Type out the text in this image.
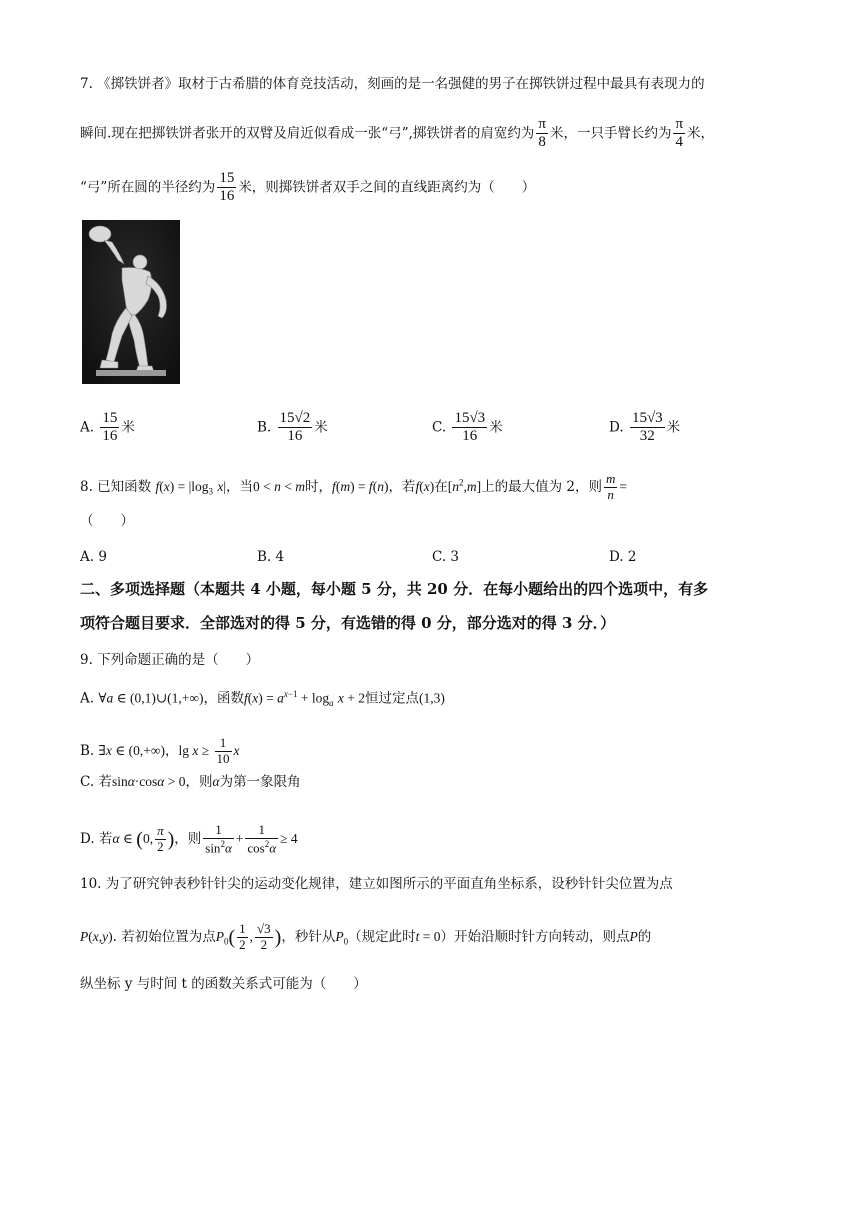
7. 《掷铁饼者》取材于古希腊的体育竞技活动，刻画的是一名强健的男子在掷铁饼过程中最具有表现力的
瞬间.现在把掷铁饼者张开的双臂及肩近似看成一张“弓”,掷铁饼者的肩宽约为 $\frac{\pi}{8}$ 米，一只手臂长约为 $\frac{\pi}{4}$ 米，
“弓”所在圆的半径约为 $\frac{15}{16}$ 米，则掷铁饼者双手之间的直线距离约为（　　）
A. $\frac{15}{16}$ 米	B. $\frac{15√2}{16}$ 米	C. $\frac{15√3}{16}$ 米	D. $\frac{15√3}{32}$ 米
8. 已知函数 $f(x) = |\log_3$ x|，当0 < n < m时，f(m) = f(n)，若f(x)在$[n^2,m]$上的最大值为 2，则 $\frac{m}{n}$ =
（　　）
A. 9	B. 4	C. 3	D. 2
二、多项选择题（本题共 4 小题，每小题 5 分，共 20 分．在每小题给出的四个选项中，有多
项符合题目要求．全部选对的得 5 分，有选错的得 0 分，部分选对的得 3 分．）
9. 下列命题正确的是（　　）
A. ∀a ∈ (0,1)∪(1,+∞)，函数$f(x) = a^{x-1} + \log_a x + 2$恒过定点(1,3)
B. ∃x ∈ (0,+∞)，$\lg x \ge \frac{1}{10}$ x
C. 若sinα·cosα > 0，则α为第一象限角
D. 若α ∈ (0, $\frac{\pi}{2}$ )，则 $\frac{1}{\sin^2\alpha} + \frac{1}{\cos^2\alpha} \ge 4$
10. 为了研究钟表秒针针尖的运动变化规律，建立如图所示的平面直角坐标系，设秒针针尖位置为点
P(x,y). 若初始位置为点$P_0( \frac{1}{2}$ , $\frac{√3}{2}$ )，秒针从$P_0$（规定此时t = 0）开始沿顺时针方向转动，则点P的
纵坐标 y 与时间 t 的函数关系式可能为（　　）
